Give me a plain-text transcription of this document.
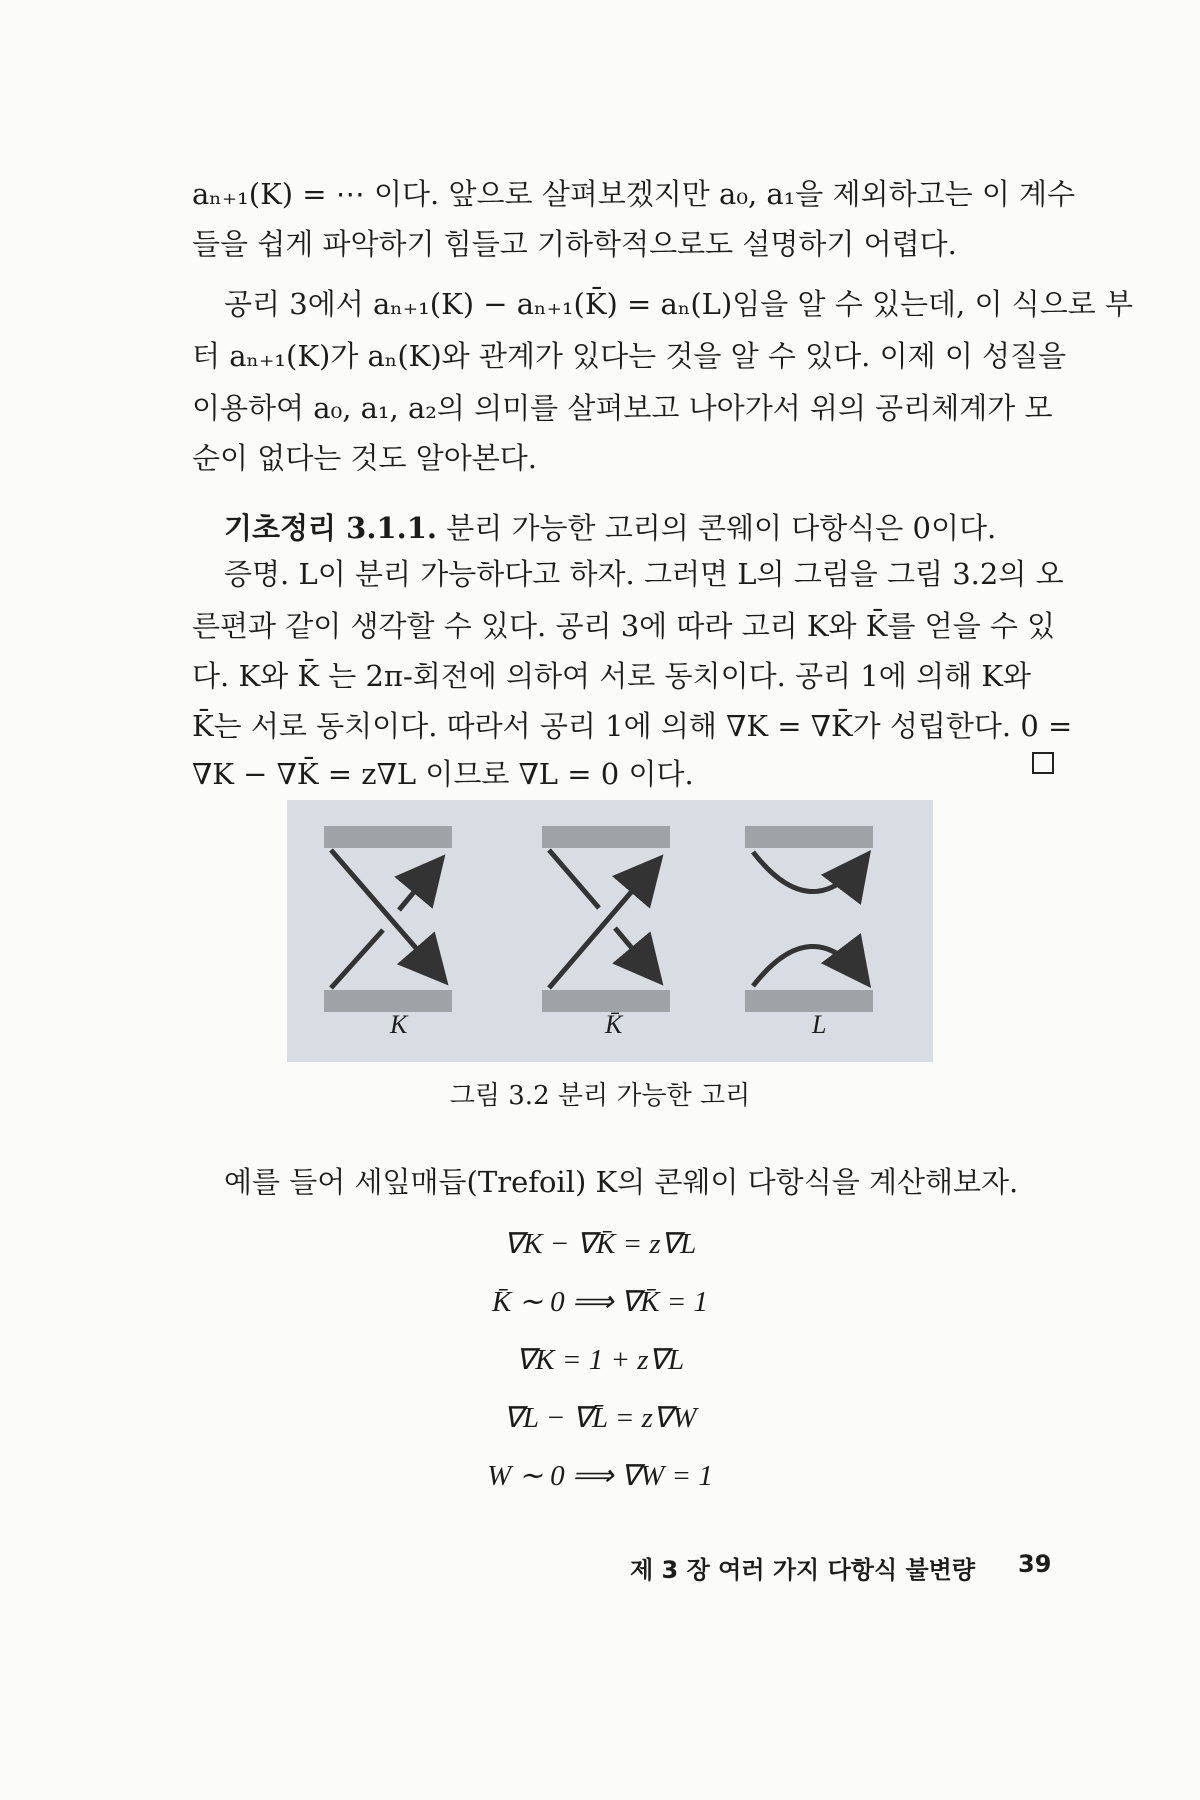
aₙ₊₁(K) = ⋯ 이다. 앞으로 살펴보겠지만 a₀, a₁을 제외하고는 이 계수
들을 쉽게 파악하기 힘들고 기하학적으로도 설명하기 어렵다.
공리 3에서 aₙ₊₁(K) − aₙ₊₁(K̄) = aₙ(L)임을 알 수 있는데, 이 식으로 부
터 aₙ₊₁(K)가 aₙ(K)와 관계가 있다는 것을 알 수 있다. 이제 이 성질을
이용하여 a₀, a₁, a₂의 의미를 살펴보고 나아가서 위의 공리체계가 모
순이 없다는 것도 알아본다.
기초정리 3.1.1. 분리 가능한 고리의 콘웨이 다항식은 0이다.
증명. L이 분리 가능하다고 하자. 그러면 L의 그림을 그림 3.2의 오
른편과 같이 생각할 수 있다. 공리 3에 따라 고리 K와 K̄를 얻을 수 있
다. K와 K̄ 는 2π-회전에 의하여 서로 동치이다. 공리 1에 의해 K와
K̄는 서로 동치이다. 따라서 공리 1에 의해 ∇K = ∇K̄가 성립한다. 0 =
∇K − ∇K̄ = z∇L 이므로 ∇L = 0 이다.
K	K̄	L
그림 3.2 분리 가능한 고리
예를 들어 세잎매듭(Trefoil) K의 콘웨이 다항식을 계산해보자.
∇K − ∇K̄ = z∇L
K̄ ∼ 0 ⟹ ∇K̄ = 1
∇K = 1 + z∇L
∇L − ∇L̄ = z∇W
W ∼ 0 ⟹ ∇W = 1
제 3 장 여러 가지 다항식 불변량 39
